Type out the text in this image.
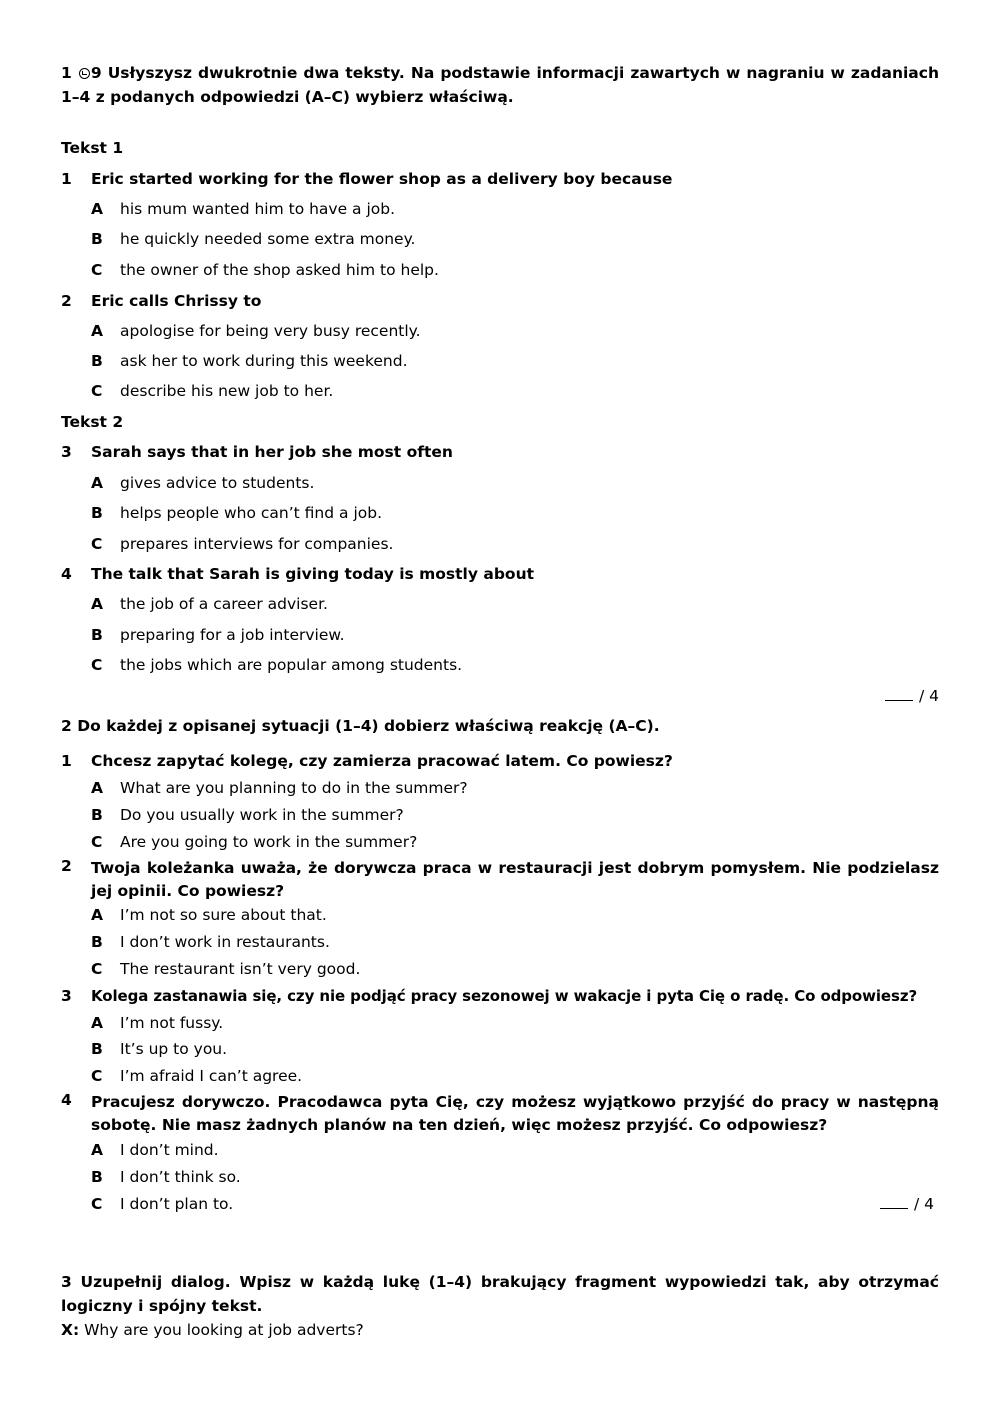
1 9 Usłyszysz dwukrotnie dwa teksty. Na podstawie informacji zawartych w nagraniu w zadaniach 1–4 z podanych odpowiedzi (A–C) wybierz właściwą.
Tekst 1
1 Eric started working for the flower shop as a delivery boy because
A his mum wanted him to have a job.
B he quickly needed some extra money.
C the owner of the shop asked him to help.
2 Eric calls Chrissy to
A apologise for being very busy recently.
B ask her to work during this weekend.
C describe his new job to her.
Tekst 2
3 Sarah says that in her job she most often
A gives advice to students.
B helps people who can’t find a job.
C prepares interviews for companies.
4 The talk that Sarah is giving today is mostly about
A the job of a career adviser.
B preparing for a job interview.
C the jobs which are popular among students.
/ 4
2 Do każdej z opisanej sytuacji (1–4) dobierz właściwą reakcję (A–C).
1 Chcesz zapytać kolegę, czy zamierza pracować latem. Co powiesz?
A What are you planning to do in the summer?
B Do you usually work in the summer?
C Are you going to work in the summer?
2 Twoja koleżanka uważa, że dorywcza praca w restauracji jest dobrym pomysłem. Nie podzielasz jej opinii. Co powiesz?
A I’m not so sure about that.
B I don’t work in restaurants.
C The restaurant isn’t very good.
3 Kolega zastanawia się, czy nie podjąć pracy sezonowej w wakacje i pyta Cię o radę. Co odpowiesz?
A I’m not fussy.
B It’s up to you.
C I’m afraid I can’t agree.
4 Pracujesz dorywczo. Pracodawca pyta Cię, czy możesz wyjątkowo przyjść do pracy w następną sobotę. Nie masz żadnych planów na ten dzień, więc możesz przyjść. Co odpowiesz?
A I don’t mind.
B I don’t think so.
C I don’t plan to.	/ 4
3 Uzupełnij dialog. Wpisz w każdą lukę (1–4) brakujący fragment wypowiedzi tak, aby otrzymać logiczny i spójny tekst.
X: Why are you looking at job adverts?
